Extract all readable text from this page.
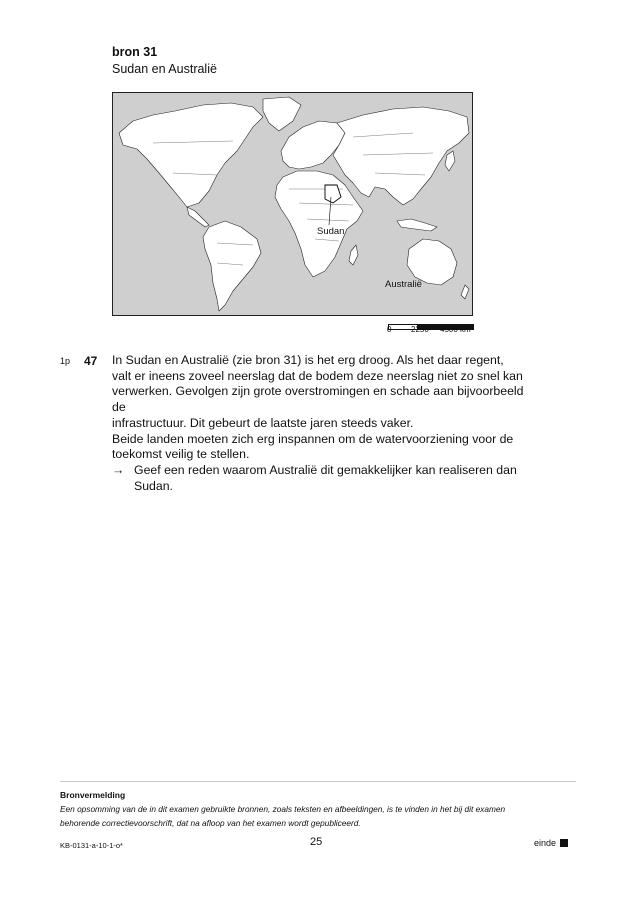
bron 31
Sudan en Australië
Sudan
Australië
0 2250 4500 km
1p 47 In Sudan en Australië (zie bron 31) is het erg droog. Als het daar regent,

valt er ineens zoveel neerslag dat de bodem deze neerslag niet zo snel kan

verwerken. Gevolgen zijn grote overstromingen en schade aan bijvoorbeeld de

infrastructuur. Dit gebeurt de laatste jaren steeds vaker.

Beide landen moeten zich erg inspannen om de watervoorziening voor de

toekomst veilig te stellen.

→ Geef een reden waarom Australië dit gemakkelijker kan realiseren dan

Sudan.

Bronvermelding
Een opsomming van de in dit examen gebruikte bronnen, zoals teksten en afbeeldingen, is te vinden in het bij dit examen
behorende correctievoorschrift, dat na afloop van het examen wordt gepubliceerd.
KB-0131-a-10-1-o*	25	einde
